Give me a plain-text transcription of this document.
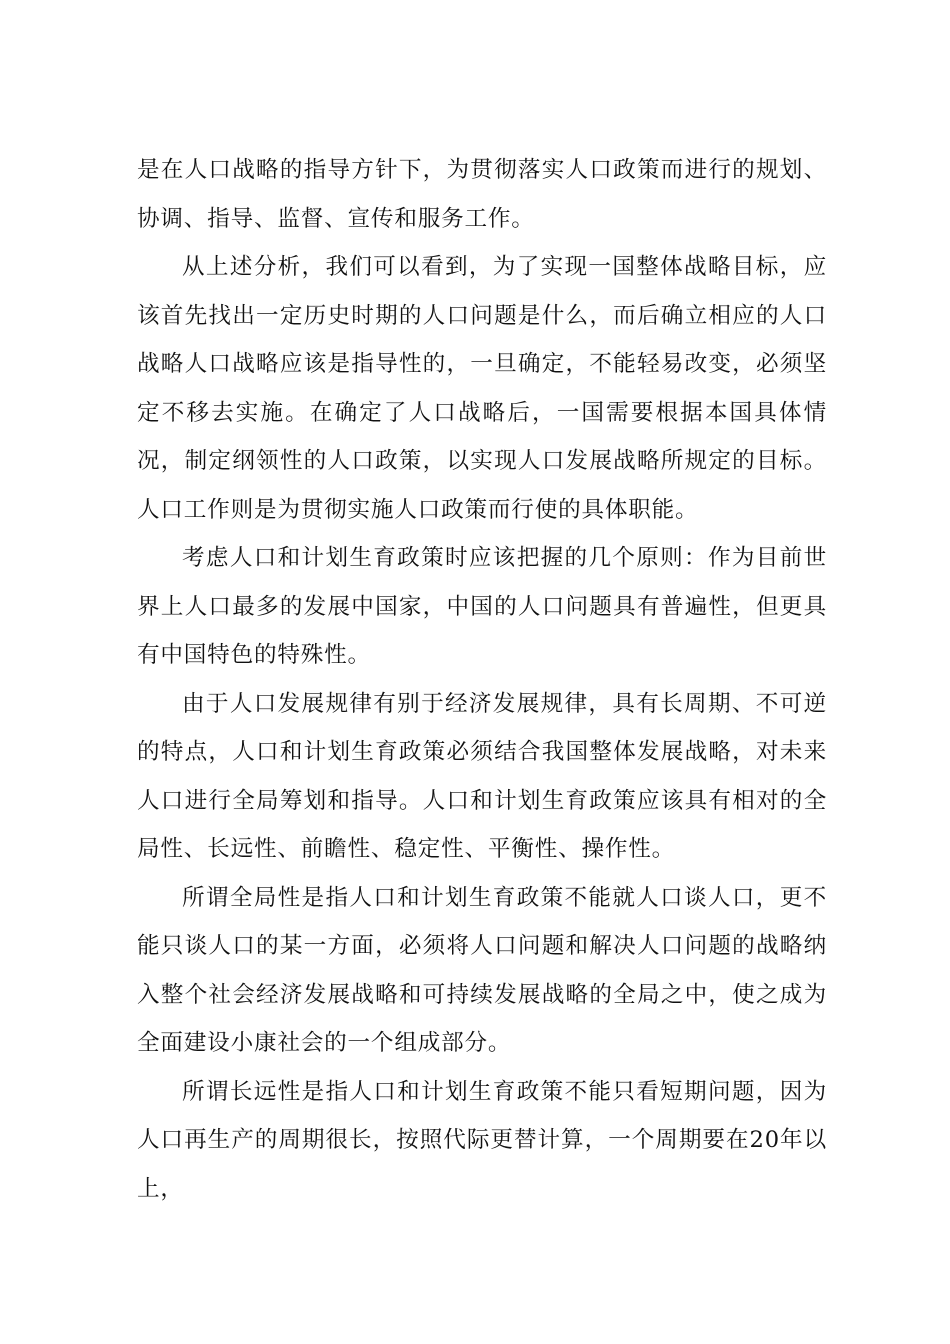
是在人口战略的指导方针下，为贯彻落实人口政策而进行的规划、协调、指导、监督、宣传和服务工作。

从上述分析，我们可以看到，为了实现一国整体战略目标，应该首先找出一定历史时期的人口问题是什么，而后确立相应的人口战略人口战略应该是指导性的，一旦确定，不能轻易改变，必须坚定不移去实施。在确定了人口战略后，一国需要根据本国具体情况，制定纲领性的人口政策，以实现人口发展战略所规定的目标。人口工作则是为贯彻实施人口政策而行使的具体职能。

考虑人口和计划生育政策时应该把握的几个原则：作为目前世界上人口最多的发展中国家，中国的人口问题具有普遍性，但更具有中国特色的特殊性。

由于人口发展规律有别于经济发展规律，具有长周期、不可逆的特点，人口和计划生育政策必须结合我国整体发展战略，对未来人口进行全局筹划和指导。人口和计划生育政策应该具有相对的全局性、长远性、前瞻性、稳定性、平衡性、操作性。

所谓全局性是指人口和计划生育政策不能就人口谈人口，更不能只谈人口的某一方面，必须将人口问题和解决人口问题的战略纳入整个社会经济发展战略和可持续发展战略的全局之中，使之成为全面建设小康社会的一个组成部分。

所谓长远性是指人口和计划生育政策不能只看短期问题，因为人口再生产的周期很长，按照代际更替计算，一个周期要在20年以上，
